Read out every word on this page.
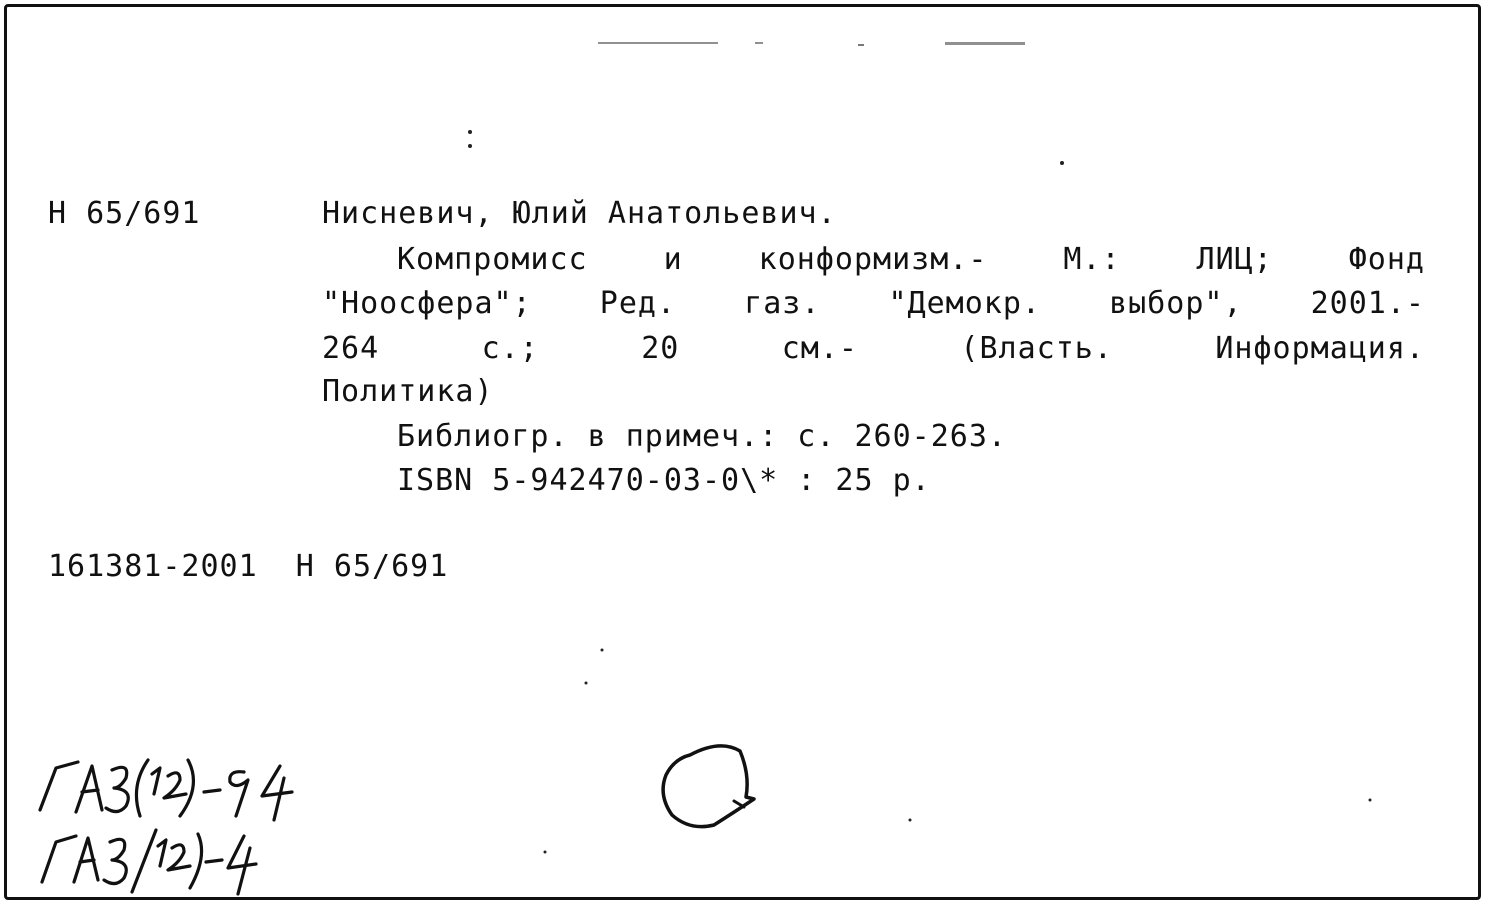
Н 65/691	Нисневич, Юлий Анатольевич.
Компромисс и конформизм.- М.: ЛИЦ; Фонд
"Ноосфера"; Ред. газ. "Демокр. выбор", 2001.-
264 с.; 20 см.- (Власть. Информация.
Политика)
Библиогр. в примеч.: с. 260-263.
ISBN 5-942470-03-0\* : 25 р.
161381-2001  Н 65/691
